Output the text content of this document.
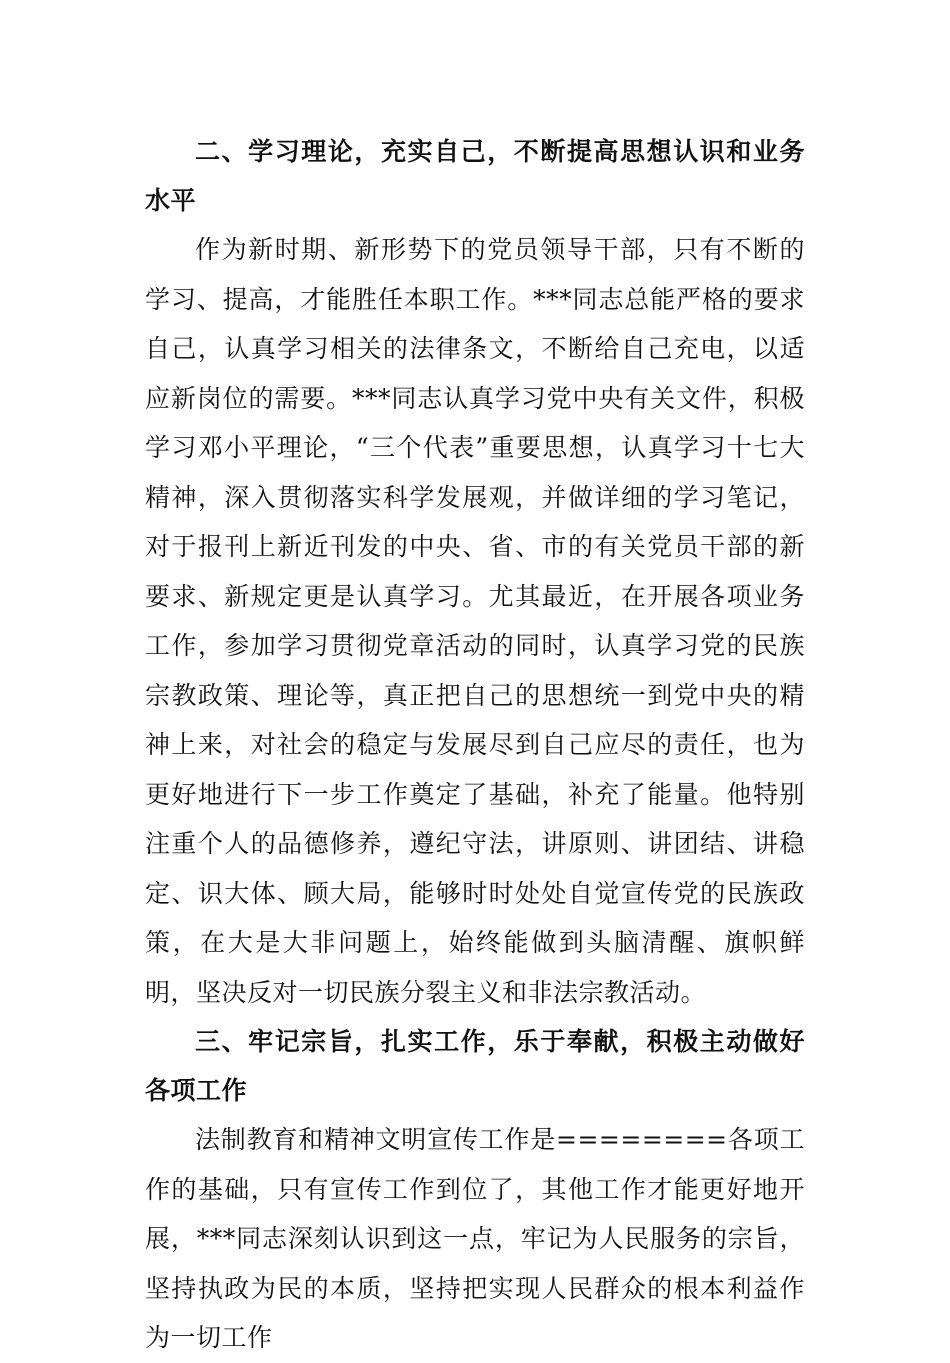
二、学习理论，充实自己，不断提高思想认识和业务水平

作为新时期、新形势下的党员领导干部，只有不断的学习、提高，才能胜任本职工作。***同志总能严格的要求自己，认真学习相关的法律条文，不断给自己充电，以适应新岗位的需要。***同志认真学习党中央有关文件，积极学习邓小平理论，“三个代表”重要思想，认真学习十七大精神，深入贯彻落实科学发展观，并做详细的学习笔记，对于报刊上新近刊发的中央、省、市的有关党员干部的新要求、新规定更是认真学习。尤其最近，在开展各项业务工作，参加学习贯彻党章活动的同时，认真学习党的民族宗教政策、理论等，真正把自己的思想统一到党中央的精神上来，对社会的稳定与发展尽到自己应尽的责任，也为更好地进行下一步工作奠定了基础，补充了能量。他特别注重个人的品德修养，遵纪守法，讲原则、讲团结、讲稳定、识大体、顾大局，能够时时处处自觉宣传党的民族政策，在大是大非问题上，始终能做到头脑清醒、旗帜鲜明，坚决反对一切民族分裂主义和非法宗教活动。

三、牢记宗旨，扎实工作，乐于奉献，积极主动做好各项工作

法制教育和精神文明宣传工作是========各项工作的基础，只有宣传工作到位了，其他工作才能更好地开展，***同志深刻认识到这一点，牢记为人民服务的宗旨，坚持执政为民的本质，坚持把实现人民群众的根本利益作为一切工作
